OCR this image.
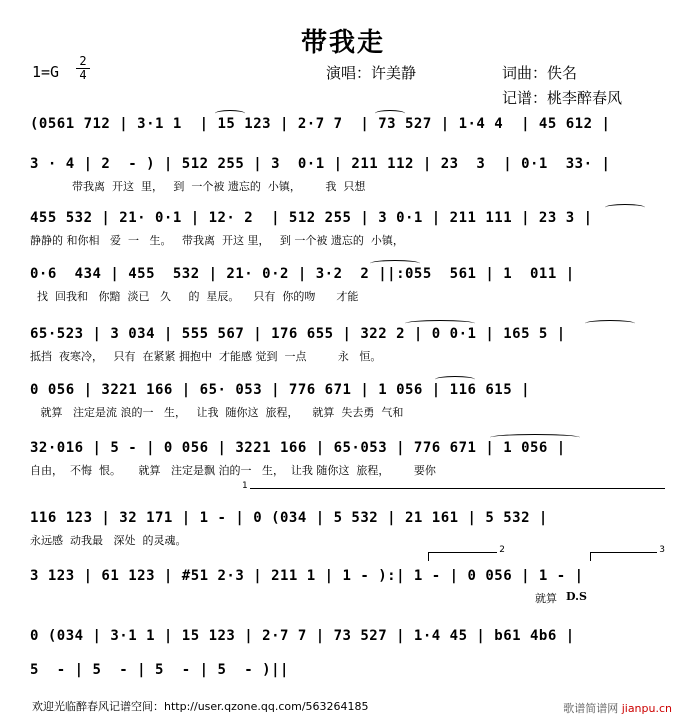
带我走
1=G
2
4	演唱：许美静	词曲：佚名
记谱：桃李醉春风
(0561 712 | 3·1 1  | 15 123 | 2·7 7  | 73 527 | 1·4 4  | 45 612 |
3 · 4 | 2  - ) | 512 255 | 3  0·1 | 211 112 | 23  3  | 0·1  33· |
带我离  开这  里，   到  一个被 遗忘的  小镇，       我  只想
455 532 | 21· 0·1 | 12· 2  | 512 255 | 3 0·1 | 211 111 | 23 3 |
静静的 和你相   爱  一   生。   带我离  开这 里，   到 一个被 遗忘的  小镇，
0·6  434 | 455  532 | 21· 0·2 | 3·2  2 ||:055  561 | 1  011 |
找  回我和   你黯  淡已   久     的  星辰。    只有  你的吻      才能
65·523 | 3 034 | 555 567 | 176 655 | 322 2 | 0 0·1 | 165 5 |
抵挡  夜寒冷，   只有  在紧紧 拥抱中  才能感 觉到  一点         永   恒。
0 056 | 3221 166 | 65· 053 | 776 671 | 1 056 | 116 615 |
就算   注定是流 浪的一   生，   让我  随你这  旅程，    就算  失去勇  气和
32·016 | 5 - | 0 056 | 3221 166 | 65·053 | 776 671 | 1 056 |
自由，  不悔  恨。     就算   注定是飘 泊的一   生，  让我 随你这  旅程，       要你
1
116 123 | 32 171 | 1 - | 0 (034 | 5 532 | 21 161 | 5 532 |
永远感  动我最   深处  的灵魂。
2	3
3 123 | 61 123 | #51 2·3 | 211 1 | 1 - ):| 1 - | 0 056 | 1 - |
就算 D.S
0 (034 | 3·1 1 | 15 123 | 2·7 7 | 73 527 | 1·4 45 | b61 4b6 |
5  - | 5  - | 5  - | 5  - )||
欢迎光临醉春风记谱空间：http://user.qzone.qq.com/563264185	歌谱简谱网 jianpu.cn
